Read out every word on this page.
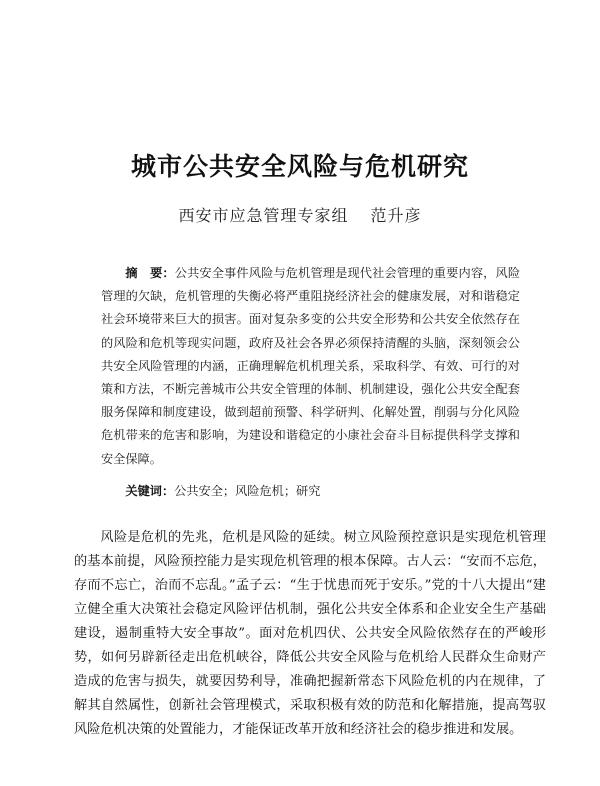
城市公共安全风险与危机研究
西安市应急管理专家组 范升彦

摘　要：公共安全事件风险与危机管理是现代社会管理的重要内容，风险管理的欠缺，危机管理的失衡必将严重阻挠经济社会的健康发展，对和谐稳定社会环境带来巨大的损害。面对复杂多变的公共安全形势和公共安全依然存在的风险和危机等现实问题，政府及社会各界必须保持清醒的头脑，深刻领会公共安全风险管理的内涵，正确理解危机机理关系，采取科学、有效、可行的对策和方法，不断完善城市公共安全管理的体制、机制建设，强化公共安全配套服务保障和制度建设，做到超前预警、科学研判、化解处置，削弱与分化风险危机带来的危害和影响，为建设和谐稳定的小康社会奋斗目标提供科学支撑和安全保障。

关键词：公共安全；风险危机；研究

风险是危机的先兆，危机是风险的延续。树立风险预控意识是实现危机管理的基本前提，风险预控能力是实现危机管理的根本保障。古人云：“安而不忘危，存而不忘亡，治而不忘乱。”孟子云：“生于忧患而死于安乐。”党的十八大提出“建立健全重大决策社会稳定风险评估机制，强化公共安全体系和企业安全生产基础建设，遏制重特大安全事故”。面对危机四伏、公共安全风险依然存在的严峻形势，如何另辟新径走出危机峡谷，降低公共安全风险与危机给人民群众生命财产造成的危害与损失，就要因势利导，准确把握新常态下风险危机的内在规律，了解其自然属性，创新社会管理模式，采取积极有效的防范和化解措施，提高驾驭风险危机决策的处置能力，才能保证改革开放和经济社会的稳步推进和发展。
